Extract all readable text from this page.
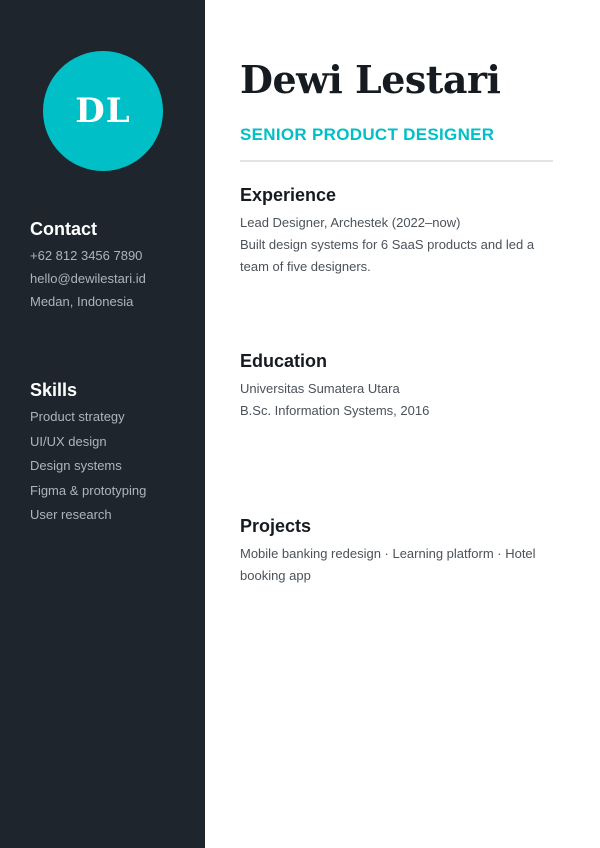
DL
Contact
+62 812 3456 7890
hello@dewilestari.id
Medan, Indonesia
Skills
Product strategy
UI/UX design
Design systems
Figma & prototyping
User research
Dewi Lestari
SENIOR PRODUCT DESIGNER
Experience

Lead Designer, Archestek (2022–now)

Built design systems for 6 SaaS products and led a team of five designers.

Education

Universitas Sumatera Utara

B.Sc. Information Systems, 2016

Projects

Mobile banking redesign · Learning platform · Hotel booking app
